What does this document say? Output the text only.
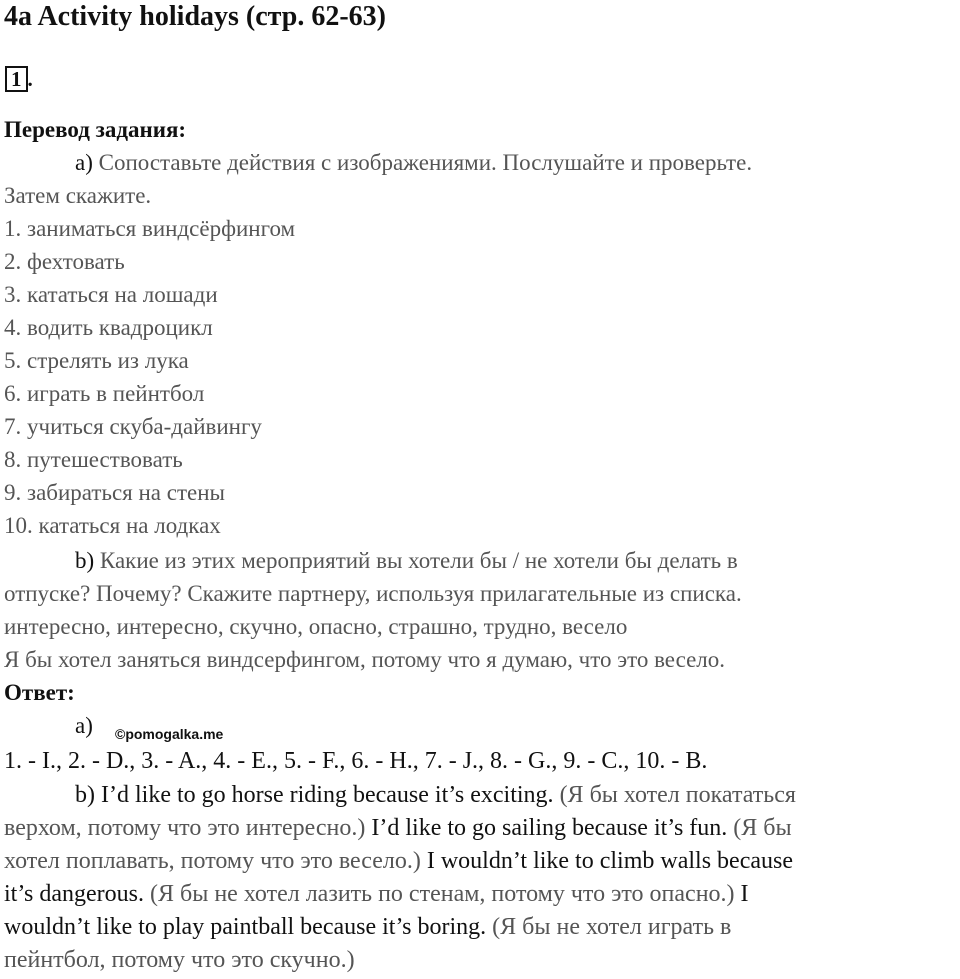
4a Activity holidays (стр. 62-63)
1 .
Перевод задания:
a) Сопоставьте действия с изображениями. Послушайте и проверьте.
Затем скажите.
1. заниматься виндсёрфингом
2. фехтовать
3. кататься на лошади
4. водить квадроцикл
5. стрелять из лука
6. играть в пейнтбол
7. учиться скуба-дайвингу
8. путешествовать
9. забираться на стены
10. кататься на лодках
b) Какие из этих мероприятий вы хотели бы / не хотели бы делать в
отпуске? Почему? Скажите партнеру, используя прилагательные из списка.
интересно, интересно, скучно, опасно, страшно, трудно, весело
Я бы хотел заняться виндсерфингом, потому что я думаю, что это весело.
Ответ:
a) ©pomogalka.me
1. - I., 2. - D., 3. - A., 4. - E., 5. - F., 6. - H., 7. - J., 8. - G., 9. - C., 10. - B.
b) I’d like to go horse riding because it’s exciting. (Я бы хотел покататься
верхом, потому что это интересно.) I’d like to go sailing because it’s fun. (Я бы
хотел поплавать, потому что это весело.) I wouldn’t like to climb walls because
it’s dangerous. (Я бы не хотел лазить по стенам, потому что это опасно.) I
wouldn’t like to play paintball because it’s boring. (Я бы не хотел играть в
пейнтбол, потому что это скучно.)
